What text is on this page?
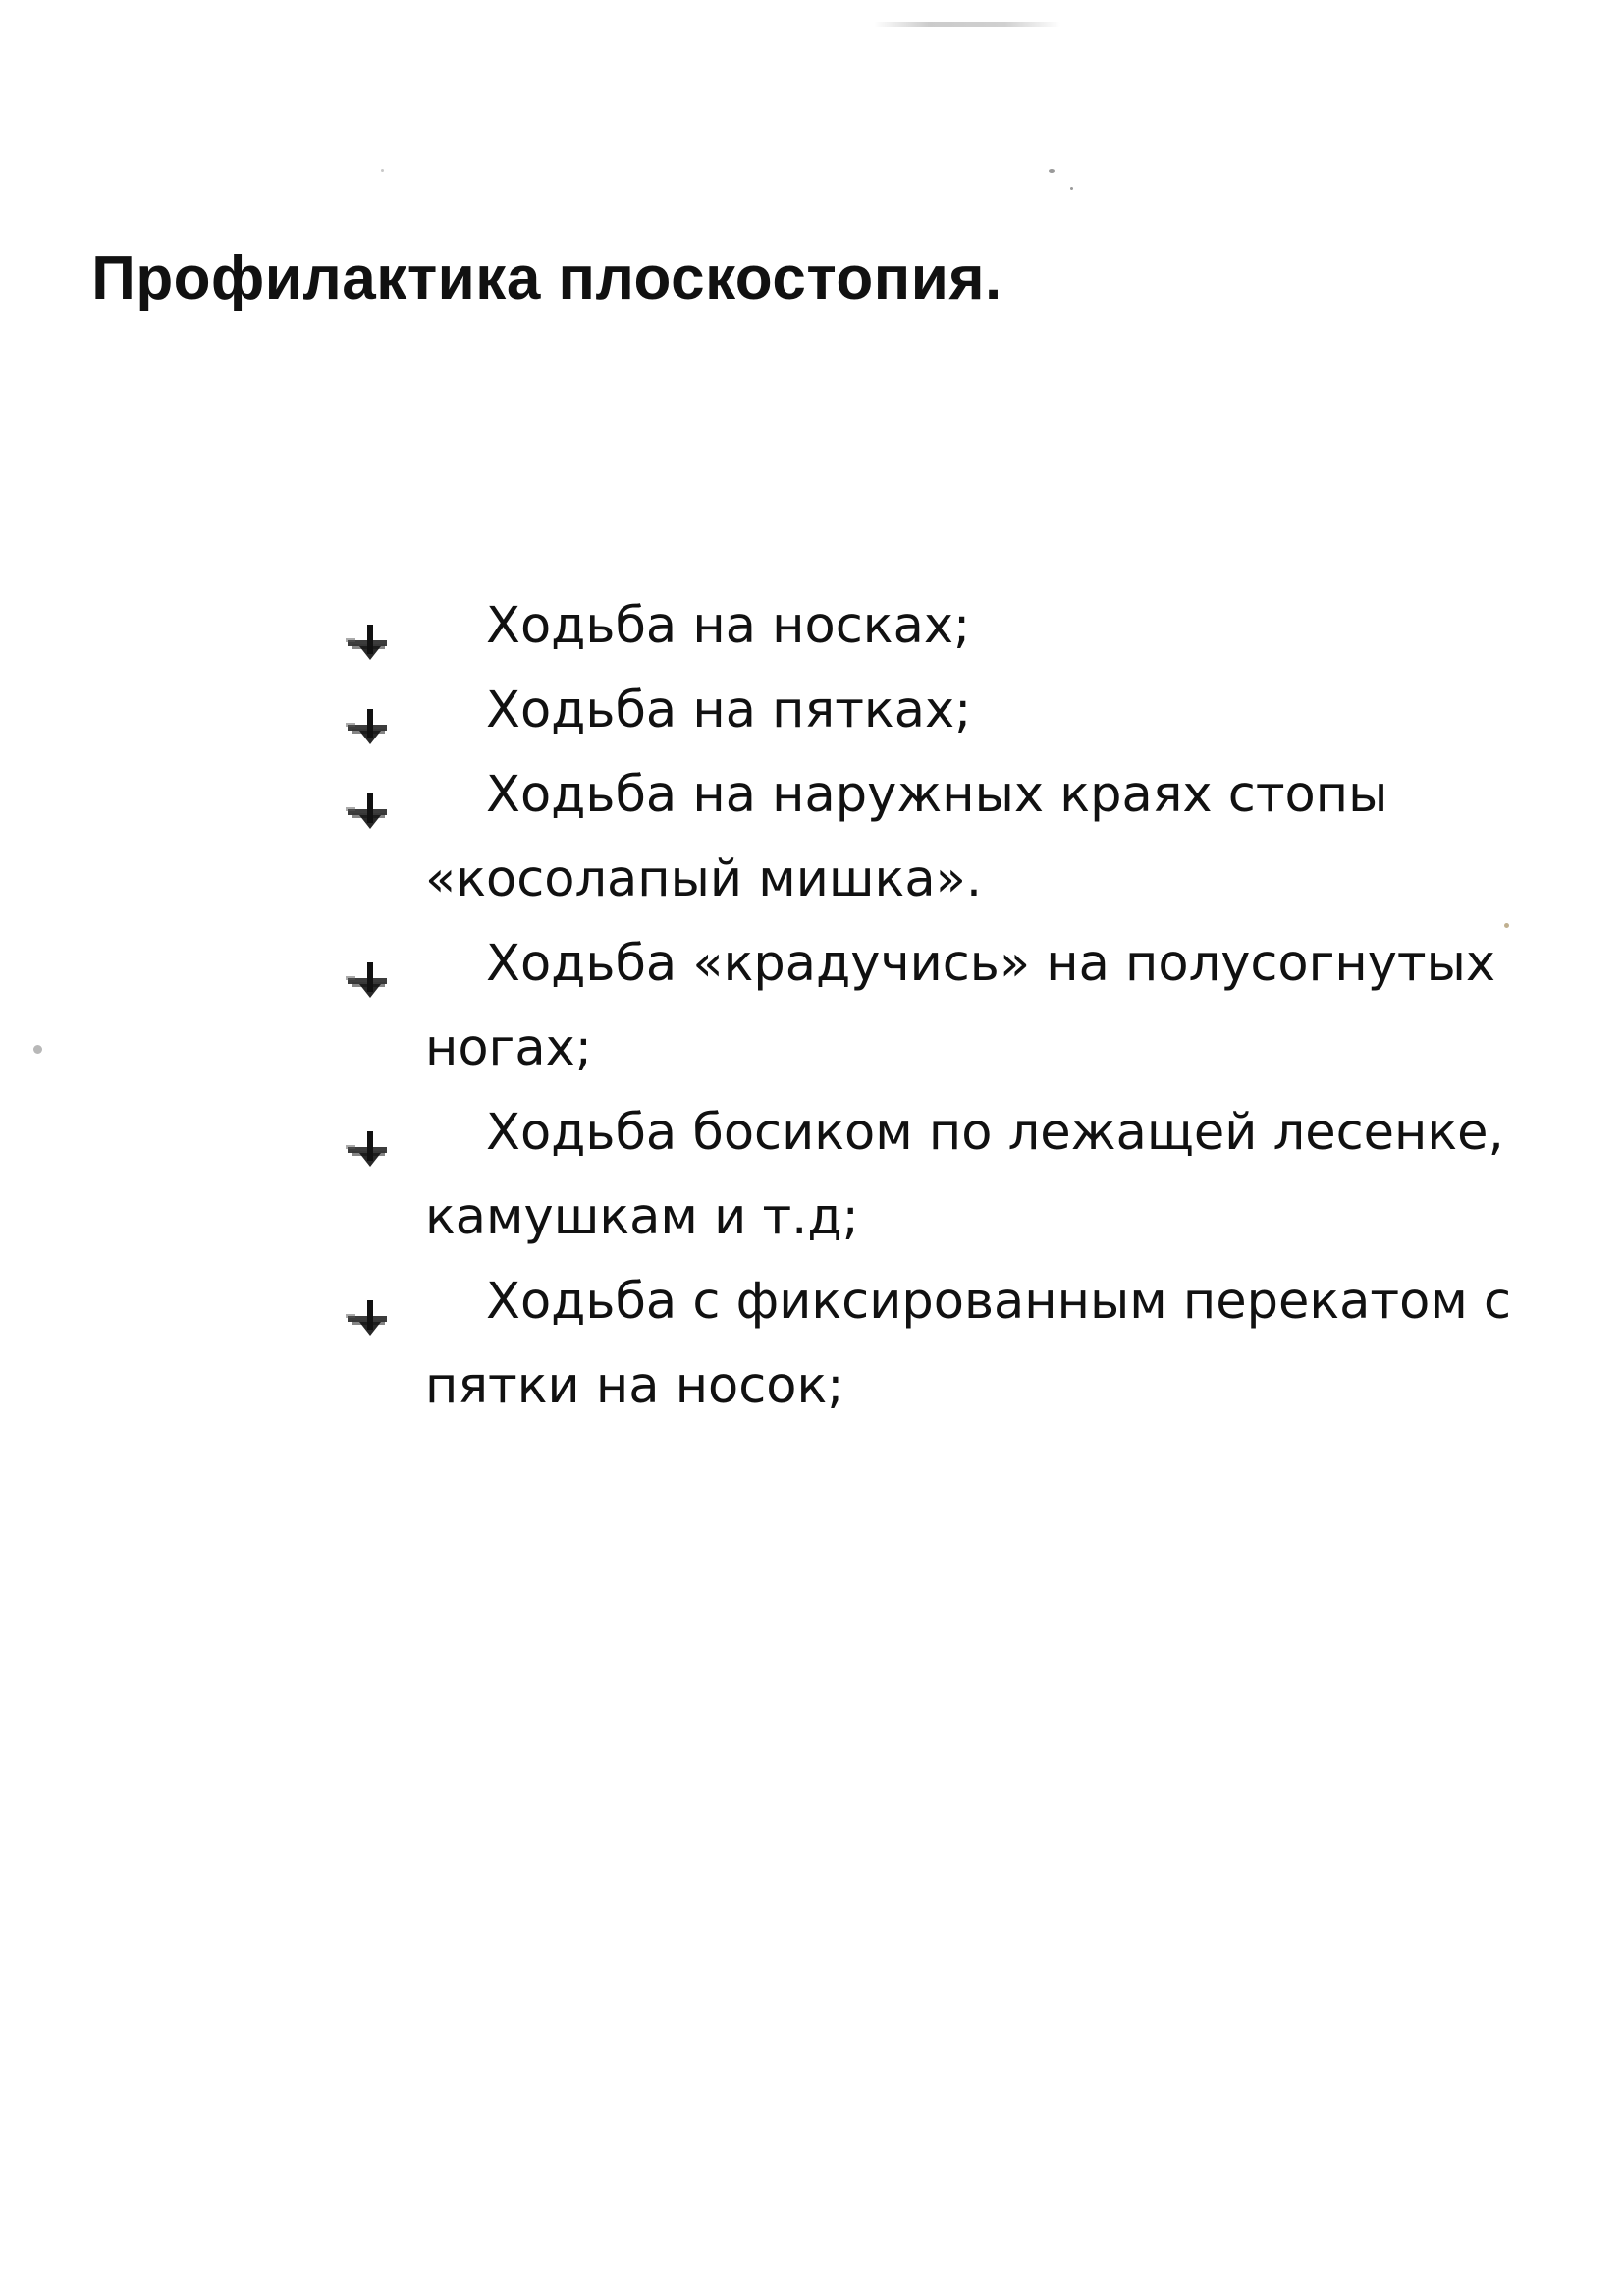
Профилактика плоскостопия.
Ходьба на носках;
Ходьба на пятках;
Ходьба на наружных краях стопы
«косолапый мишка».
Ходьба «крадучись» на полусогнутых
ногах;
Ходьба босиком по лежащей лесенке,
камушкам и т.д;
Ходьба с фиксированным перекатом с
пятки на носок;
